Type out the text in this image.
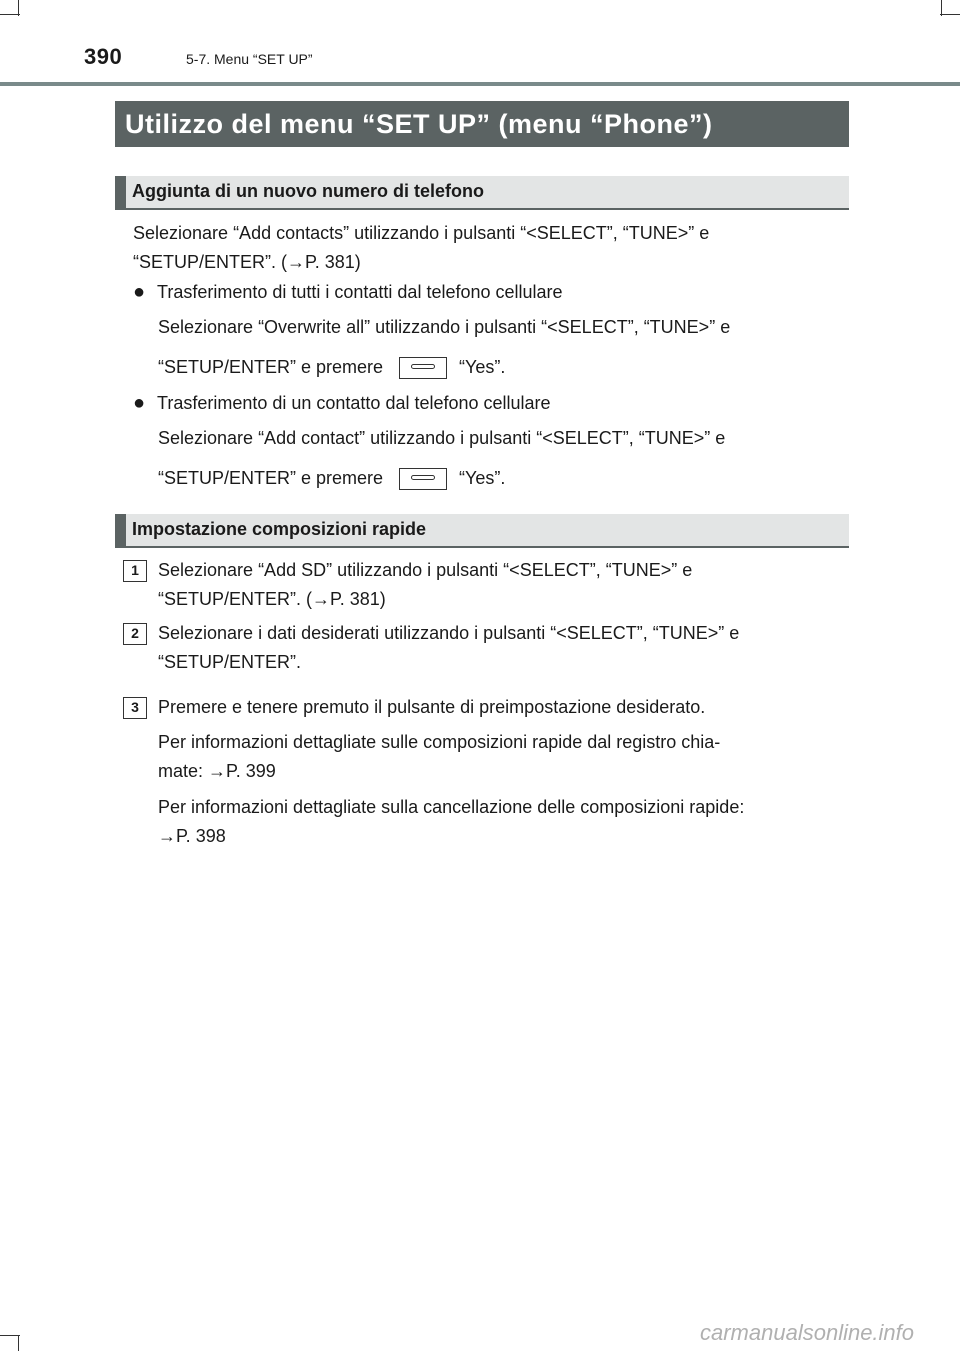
390	5-7. Menu “SET UP”
Utilizzo del menu “SET UP” (menu “Phone”)
Aggiunta di un nuovo numero di telefono
Selezionare “Add contacts” utilizzando i pulsanti “<SELECT”, “TUNE>” e
“SETUP/ENTER”. (→P. 381)
● Trasferimento di tutti i contatti dal telefono cellulare
Selezionare “Overwrite all” utilizzando i pulsanti “<SELECT”, “TUNE>” e
“SETUP/ENTER” e premere	“Yes”.
● Trasferimento di un contatto dal telefono cellulare
Selezionare “Add contact” utilizzando i pulsanti “<SELECT”, “TUNE>” e
“SETUP/ENTER” e premere	“Yes”.
Impostazione composizioni rapide
1	Selezionare “Add SD” utilizzando i pulsanti “<SELECT”, “TUNE>” e
“SETUP/ENTER”. (→P. 381)
2	Selezionare i dati desiderati utilizzando i pulsanti “<SELECT”, “TUNE>” e
“SETUP/ENTER”.
3	Premere e tenere premuto il pulsante di preimpostazione desiderato.
Per informazioni dettagliate sulle composizioni rapide dal registro chia-
mate: →P. 399
Per informazioni dettagliate sulla cancellazione delle composizioni rapide:
→P. 398
carmanualsonline.info
